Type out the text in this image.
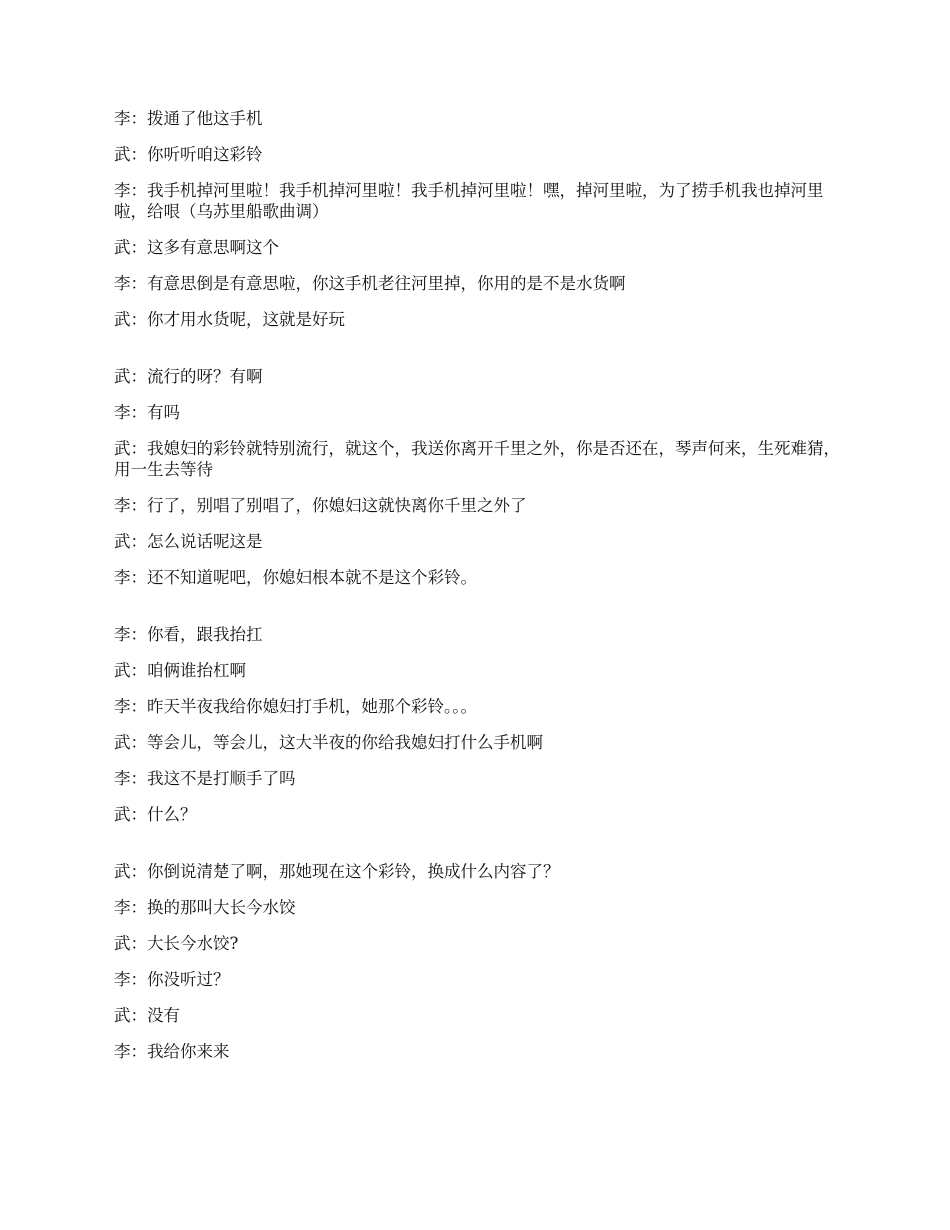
李：拨通了他这手机

武：你听听咱这彩铃

李：我手机掉河里啦！我手机掉河里啦！我手机掉河里啦！嘿，掉河里啦，为了捞手机我也掉河里啦，给哏（乌苏里船歌曲调）

武：这多有意思啊这个

李：有意思倒是有意思啦，你这手机老往河里掉，你用的是不是水货啊

武：你才用水货呢，这就是好玩

武：流行的呀？有啊

李：有吗

武：我媳妇的彩铃就特别流行，就这个，我送你离开千里之外，你是否还在，琴声何来，生死难猜，用一生去等待

李：行了，别唱了别唱了，你媳妇这就快离你千里之外了

武：怎么说话呢这是

李：还不知道呢吧，你媳妇根本就不是这个彩铃。

李：你看，跟我抬扛

武：咱俩谁抬杠啊

李：昨天半夜我给你媳妇打手机，她那个彩铃。。。

武：等会儿，等会儿，这大半夜的你给我媳妇打什么手机啊

李：我这不是打顺手了吗

武：什么？

武：你倒说清楚了啊，那她现在这个彩铃，换成什么内容了？

李：换的那叫大长今水饺

武：大长今水饺?

李：你没听过？

武：没有

李：我给你来来
